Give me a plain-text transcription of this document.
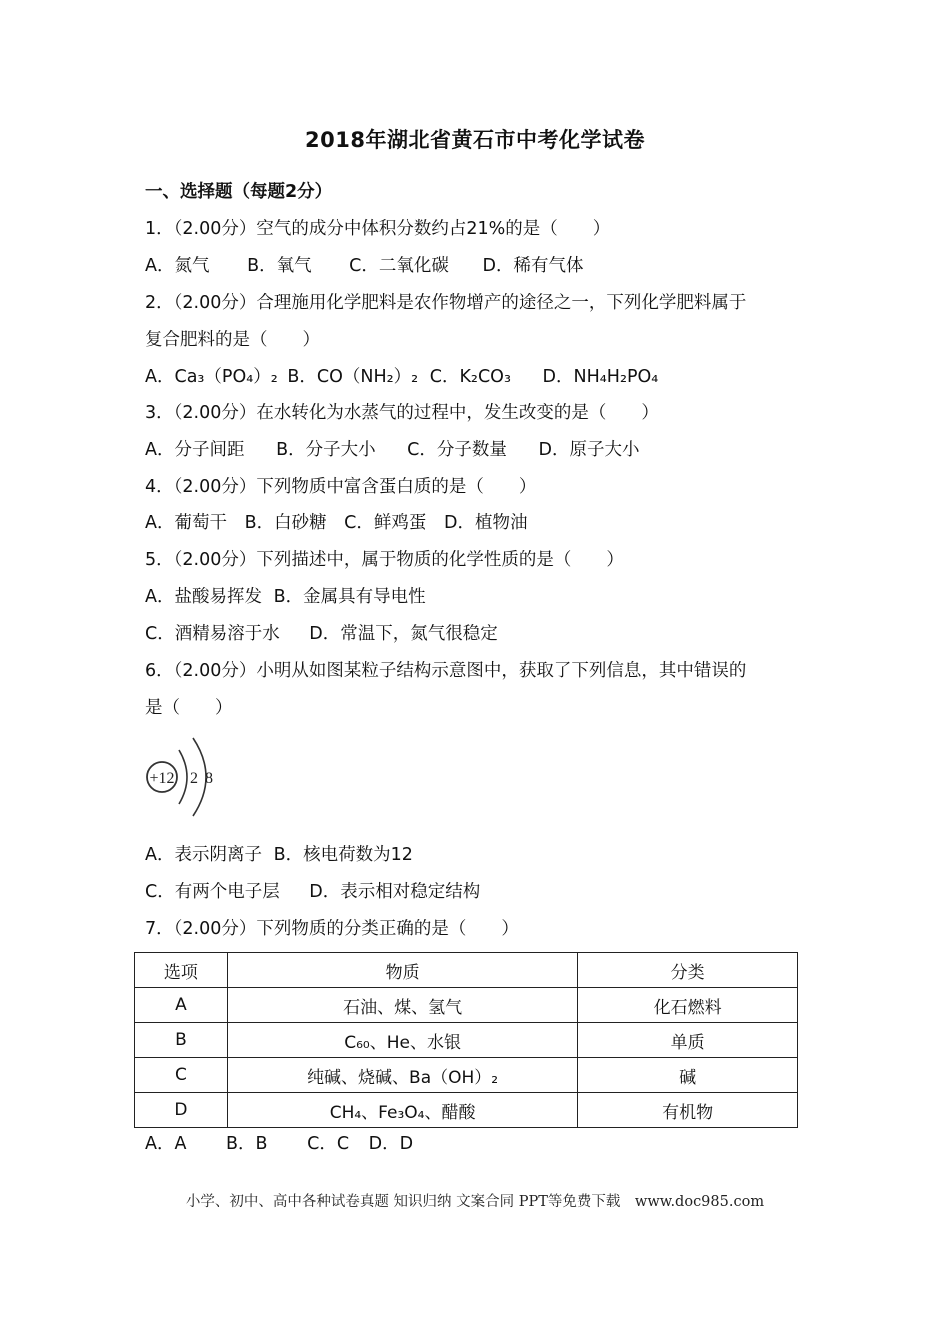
2018年湖北省黄石市中考化学试卷
一、选择题（每题2分）
1．（2.00分）空气的成分中体积分数约占21%的是（　　）
A．氮气 B．氧气 C．二氧化碳 D．稀有气体
2．（2.00分）合理施用化学肥料是农作物增产的途径之一，下列化学肥料属于
复合肥料的是（　　）
A．Ca₃（PO₄）₂ B．CO（NH₂）₂ C．K₂CO₃ D．NH₄H₂PO₄
3．（2.00分）在水转化为水蒸气的过程中，发生改变的是（　　）
A．分子间距 B．分子大小 C．分子数量 D．原子大小
4．（2.00分）下列物质中富含蛋白质的是（　　）
A．葡萄干 B．白砂糖 C．鲜鸡蛋 D．植物油
5．（2.00分）下列描述中，属于物质的化学性质的是（　　）
A．盐酸易挥发 B．金属具有导电性
C．酒精易溶于水 D．常温下，氮气很稳定
6．（2.00分）小明从如图某粒子结构示意图中，获取了下列信息，其中错误的
是（　　）
+12 2 8
A．表示阴离子 B．核电荷数为12
C．有两个电子层 D．表示相对稳定结构
7．（2.00分）下列物质的分类正确的是（　　）
选项	物质	分类
A	石油、煤、氢气	化石燃料
B	C₆₀、He、水银	单质
C	纯碱、烧碱、Ba（OH）₂	碱
D	CH₄、Fe₃O₄、醋酸	有机物
A．A B．B C．C D．D
小学、初中、高中各种试卷真题 知识归纳 文案合同 PPT等免费下载　www.doc985.com
